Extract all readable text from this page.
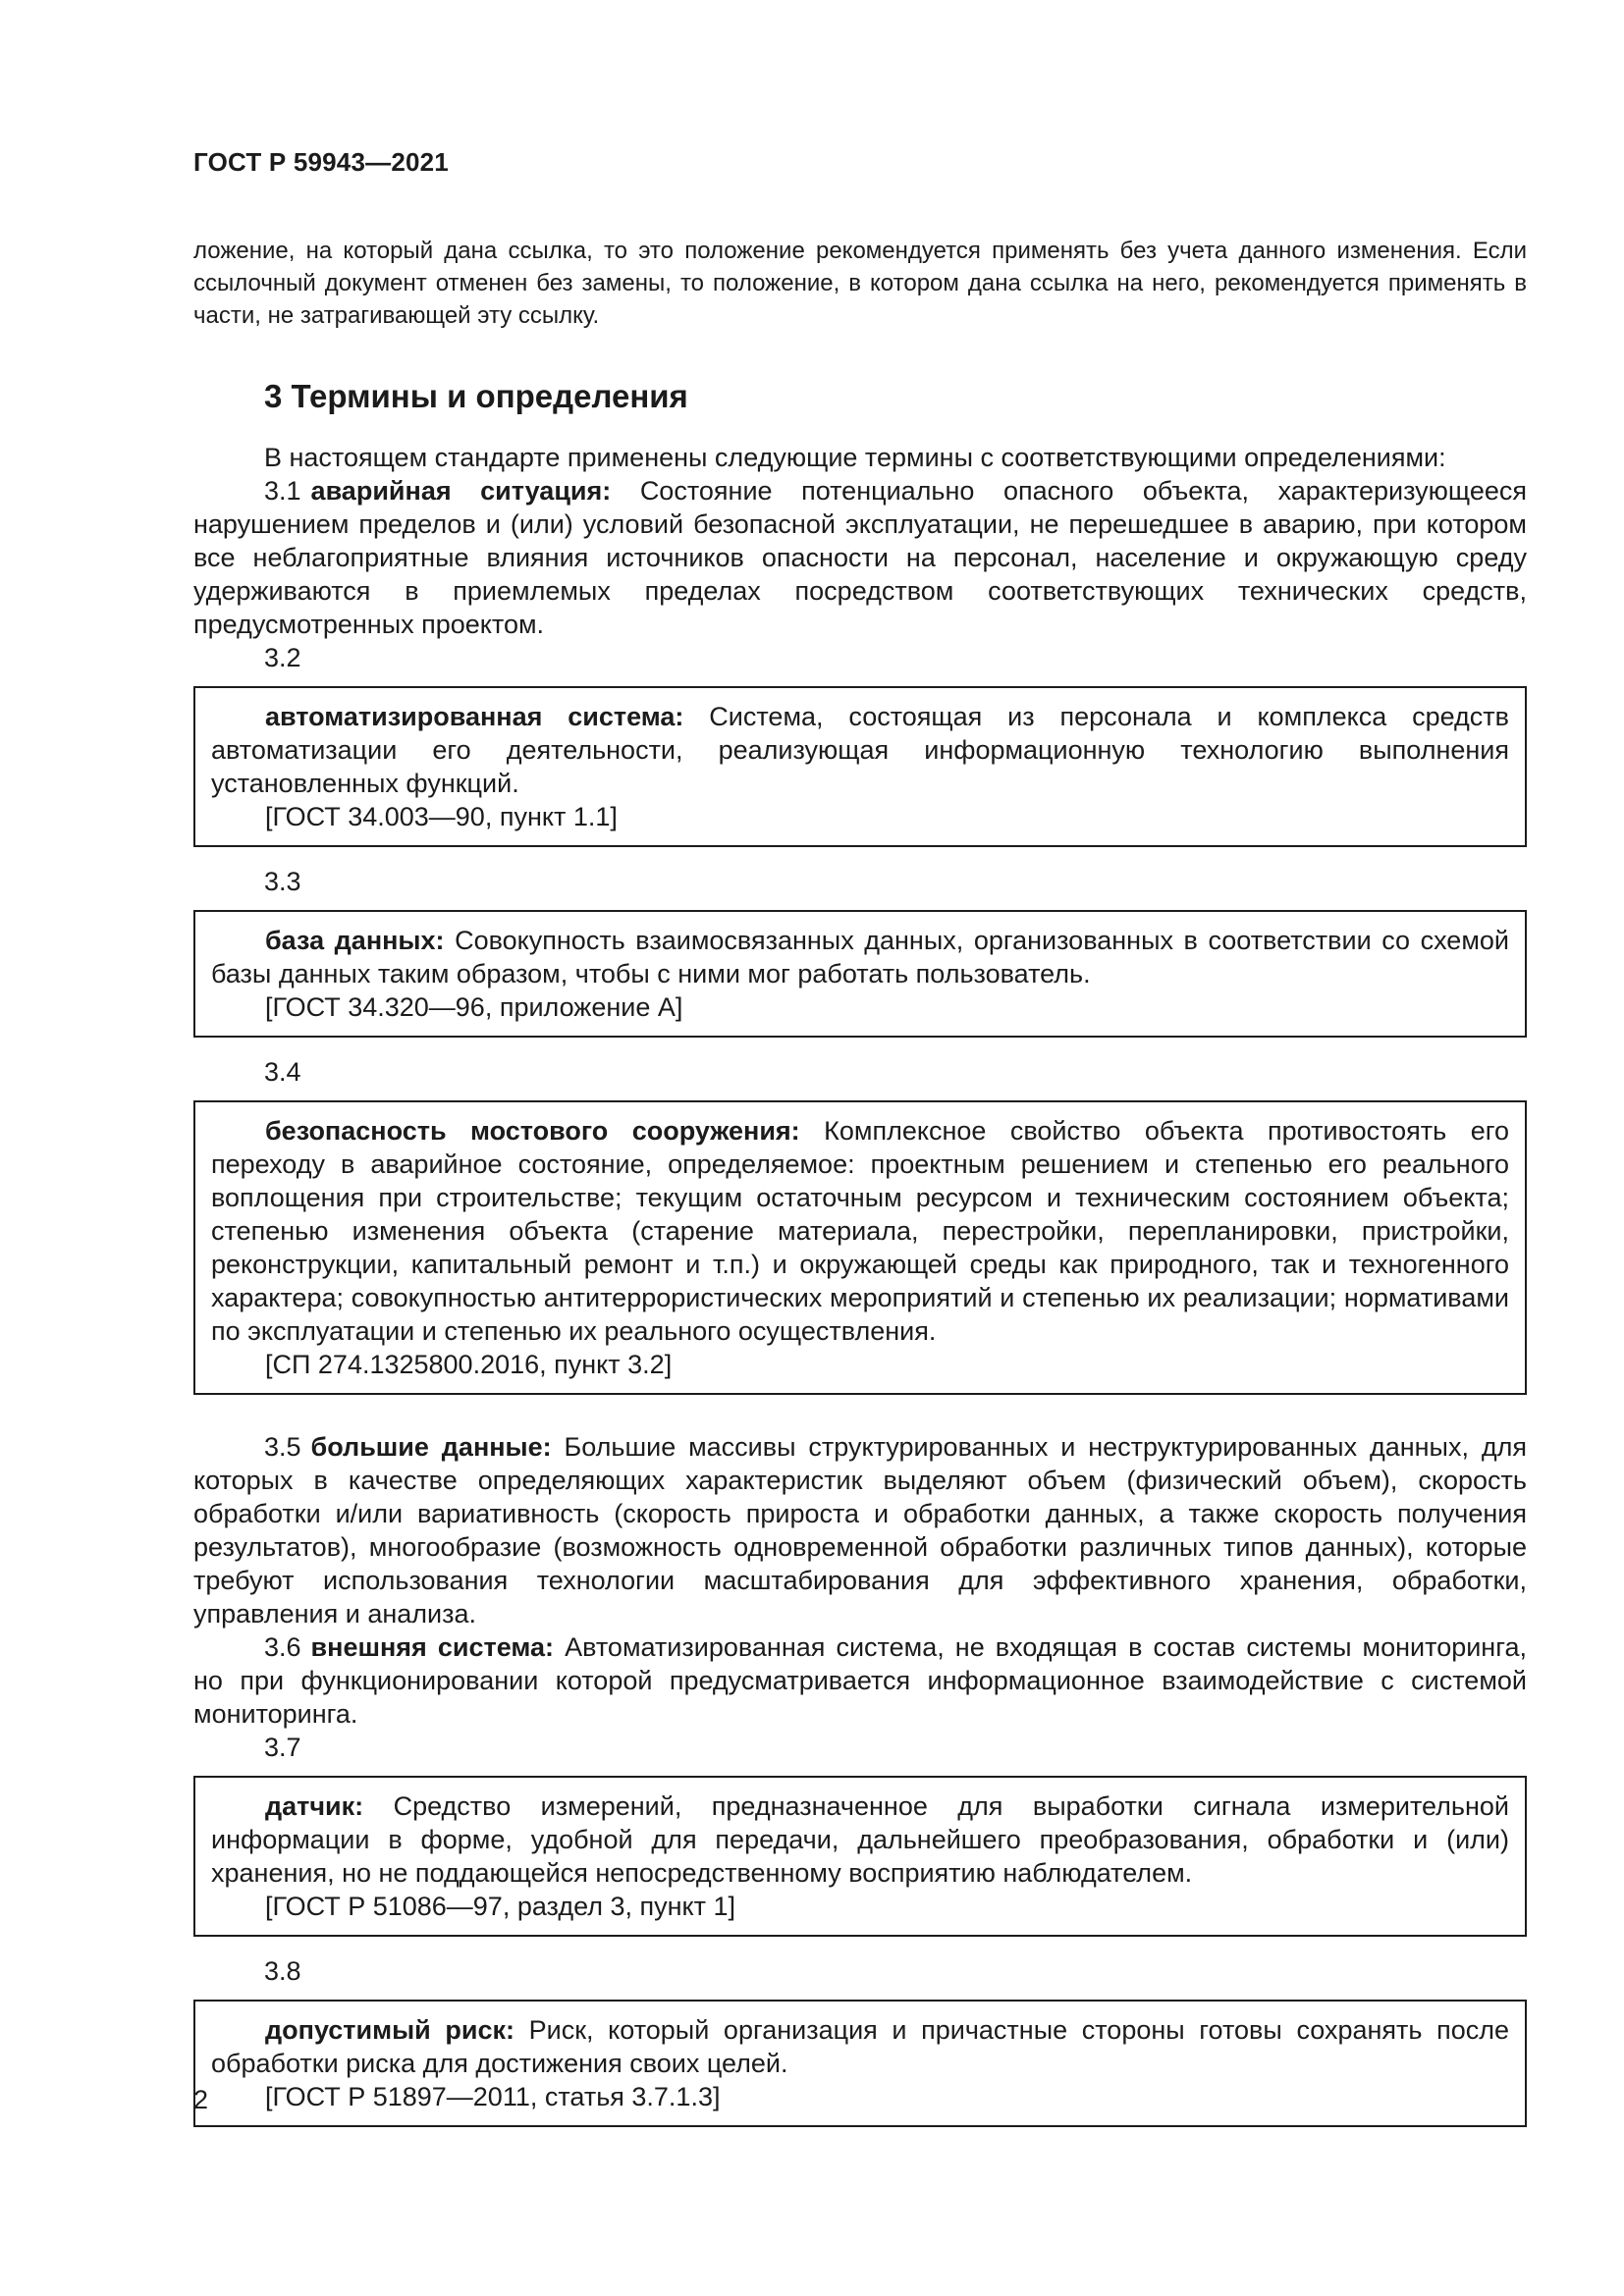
ГОСТ Р 59943—2021

ложение, на который дана ссылка, то это положение рекомендуется применять без учета данного изменения. Если ссылочный документ отменен без замены, то положение, в котором дана ссылка на него, рекомендуется применять в части, не затрагивающей эту ссылку.

3 Термины и определения

В настоящем стандарте применены следующие термины с соответствующими определениями:

3.1 аварийная ситуация: Состояние потенциально опасного объекта, характеризующееся нарушением пределов и (или) условий безопасной эксплуатации, не перешедшее в аварию, при котором все неблагоприятные влияния источников опасности на персонал, население и окружающую среду удерживаются в приемлемых пределах посредством соответствующих технических средств, предусмотренных проектом.

3.2

автоматизированная система: Система, состоящая из персонала и комплекса средств автоматизации его деятельности, реализующая информационную технологию выполнения установленных функций.

[ГОСТ 34.003—90, пункт 1.1]

3.3

база данных: Совокупность взаимосвязанных данных, организованных в соответствии со схемой базы данных таким образом, чтобы с ними мог работать пользователь.

[ГОСТ 34.320—96, приложение А]

3.4

безопасность мостового сооружения: Комплексное свойство объекта противостоять его переходу в аварийное состояние, определяемое: проектным решением и степенью его реального воплощения при строительстве; текущим остаточным ресурсом и техническим состоянием объекта; степенью изменения объекта (старение материала, перестройки, перепланировки, пристройки, реконструкции, капитальный ремонт и т.п.) и окружающей среды как природного, так и техногенного характера; совокупностью антитеррористических мероприятий и степенью их реализации; нормативами по эксплуатации и степенью их реального осуществления.

[СП 274.1325800.2016, пункт 3.2]

3.5 большие данные: Большие массивы структурированных и неструктурированных данных, для которых в качестве определяющих характеристик выделяют объем (физический объем), скорость обработки и/или вариативность (скорость прироста и обработки данных, а также скорость получения результатов), многообразие (возможность одновременной обработки различных типов данных), которые требуют использования технологии масштабирования для эффективного хранения, обработки, управления и анализа.

3.6 внешняя система: Автоматизированная система, не входящая в состав системы мониторинга, но при функционировании которой предусматривается информационное взаимодействие с системой мониторинга.

3.7

датчик: Средство измерений, предназначенное для выработки сигнала измерительной информации в форме, удобной для передачи, дальнейшего преобразования, обработки и (или) хранения, но не поддающейся непосредственному восприятию наблюдателем.

[ГОСТ Р 51086—97, раздел 3, пункт 1]

3.8

допустимый риск: Риск, который организация и причастные стороны готовы сохранять после обработки риска для достижения своих целей.

[ГОСТ Р 51897—2011, статья 3.7.1.3]

2
